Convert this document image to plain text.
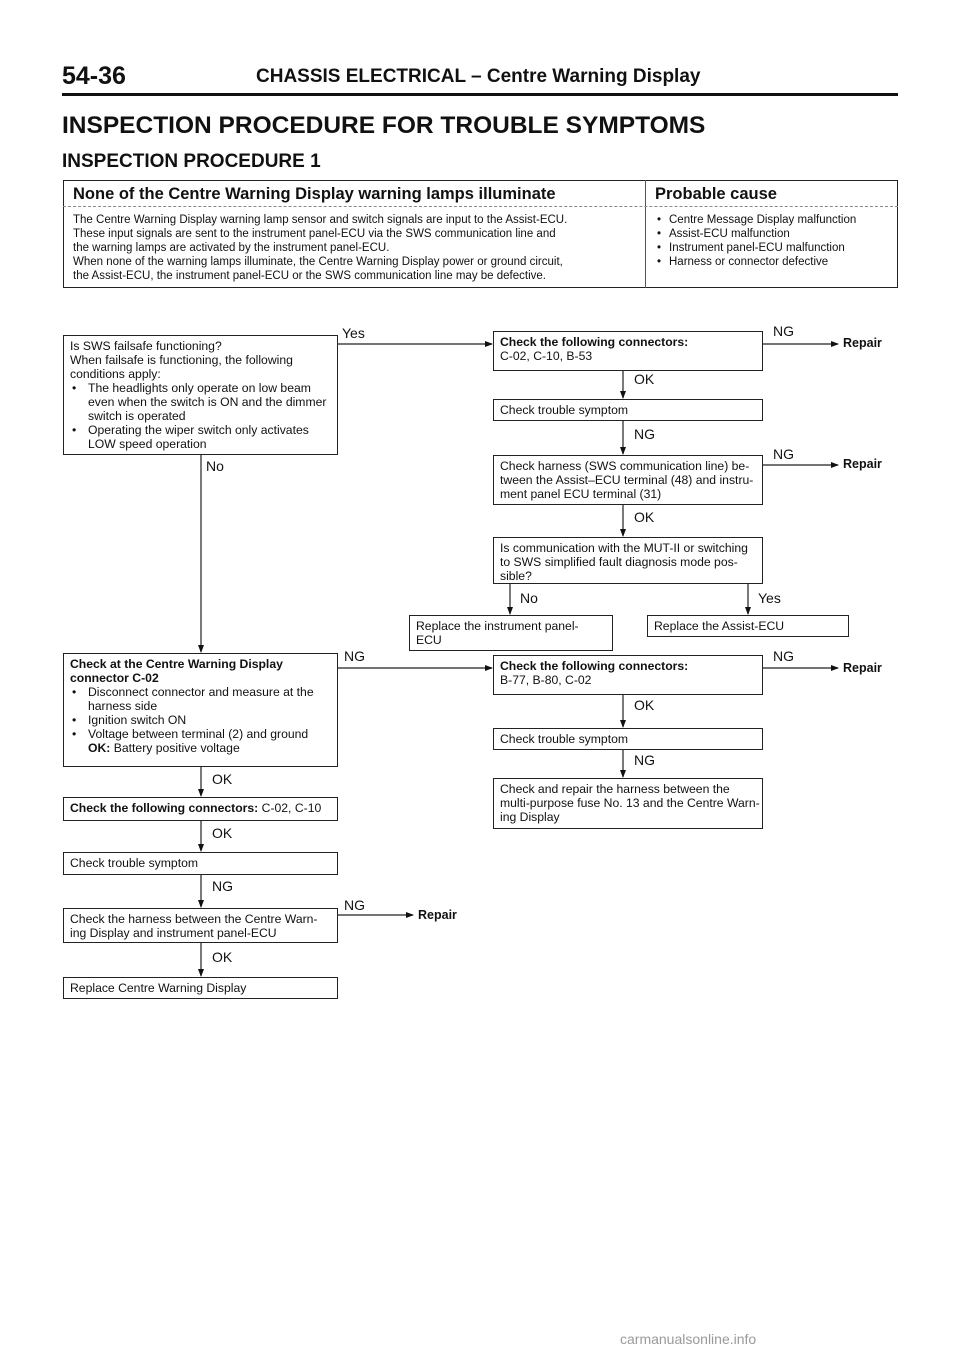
54-36	CHASSIS ELECTRICAL – Centre Warning Display
INSPECTION PROCEDURE FOR TROUBLE SYMPTOMS
INSPECTION PROCEDURE 1
None of the Centre Warning Display warning lamps illuminate	Probable cause
The Centre Warning Display warning lamp sensor and switch signals are input to the Assist-ECU.
These input signals are sent to the instrument panel-ECU via the SWS communication line and
the warning lamps are activated by the instrument panel-ECU.
When none of the warning lamps illuminate, the Centre Warning Display power or ground circuit,
the Assist-ECU, the instrument panel-ECU or the SWS communication line may be defective.
• Centre Message Display malfunction
• Assist-ECU malfunction
• Instrument panel-ECU malfunction
• Harness or connector defective
Is SWS failsafe functioning?
When failsafe is functioning, the following
conditions apply:
• The headlights only operate on low beam
even when the switch is ON and the dimmer
switch is operated
• Operating the wiper switch only activates
LOW speed operation
Yes
No
Check the following connectors:
C-02, C-10, B-53
NG
Repair
OK
Check trouble symptom
NG
Check harness (SWS communication line) be-
tween the Assist–ECU terminal (48) and instru-
ment panel ECU terminal (31)
NG
Repair
OK
Is communication with the MUT-II or switching
to SWS simplified fault diagnosis mode pos-
sible?
No	Yes
Replace the instrument panel-
ECU
Replace the Assist-ECU
Check at the Centre Warning Display
connector C-02
• Disconnect connector and measure at the
harness side
• Ignition switch ON
• Voltage between terminal (2) and ground
OK: Battery positive voltage
NG
Check the following connectors:
B-77, B-80, C-02
NG
Repair
OK
Check trouble symptom
NG
Check and repair the harness between the
multi-purpose fuse No. 13 and the Centre Warn-
ing Display
OK
Check the following connectors: C-02, C-10
OK
Check trouble symptom
NG
Check the harness between the Centre Warn-
ing Display and instrument panel-ECU
NG
Repair
OK
Replace Centre Warning Display
carmanualsonline.info
